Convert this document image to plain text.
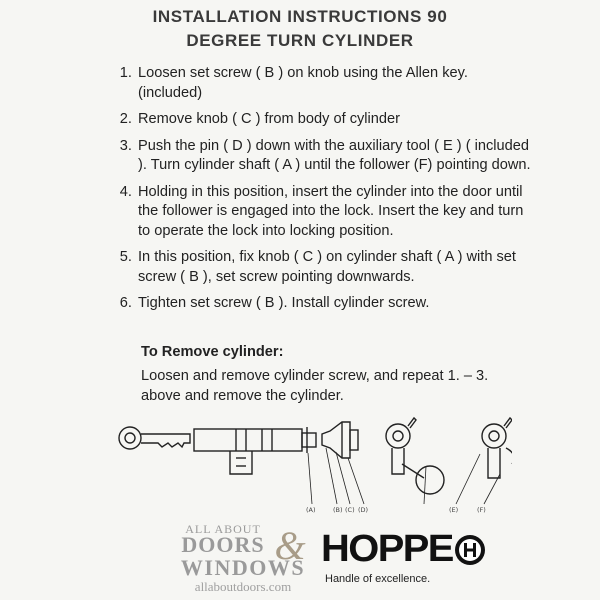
INSTALLATION INSTRUCTIONS 90
DEGREE TURN CYLINDER
1. Loosen set screw ( B ) on knob using the Allen key. (included)
2. Remove knob ( C ) from body of cylinder
3. Push the pin ( D ) down with the auxiliary tool ( E ) ( included ). Turn cylinder shaft ( A ) until the follower (F) pointing down.
4. Holding in this position, insert the cylinder into the door until the follower is engaged into the lock. Insert the key and turn to operate the lock into locking position.
5. In this position, fix knob ( C ) on cylinder shaft ( A ) with set screw ( B ), set screw pointing downwards.
6. Tighten set screw ( B ). Install cylinder screw.
To Remove cylinder:
Loosen and remove cylinder screw, and repeat 1. – 3. above and remove the cylinder.
(A)	(B) (C) (D)	(E)	(F)
ALL ABOUT
DOORS &
WINDOWS
allaboutdoors.com
HOPPE
Handle of excellence.
